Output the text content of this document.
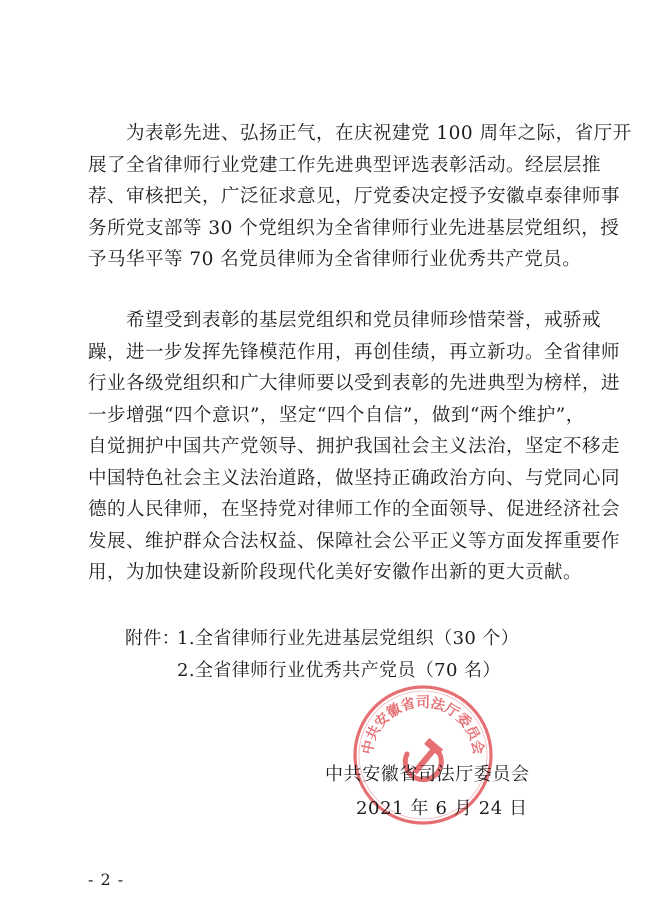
　　为表彰先进、弘扬正气，在庆祝建党 100 周年之际，省厅开
展了全省律师行业党建工作先进典型评选表彰活动。经层层推
荐、审核把关，广泛征求意见，厅党委决定授予安徽卓泰律师事
务所党支部等 30 个党组织为全省律师行业先进基层党组织，授
予马华平等 70 名党员律师为全省律师行业优秀共产党员。
　　希望受到表彰的基层党组织和党员律师珍惜荣誉，戒骄戒
躁，进一步发挥先锋模范作用，再创佳绩，再立新功。全省律师
行业各级党组织和广大律师要以受到表彰的先进典型为榜样，进
一步增强“四个意识”，坚定“四个自信”，做到“两个维护”，
自觉拥护中国共产党领导、拥护我国社会主义法治，坚定不移走
中国特色社会主义法治道路，做坚持正确政治方向、与党同心同
德的人民律师，在坚持党对律师工作的全面领导、促进经济社会
发展、维护群众合法权益、保障社会公平正义等方面发挥重要作
用，为加快建设新阶段现代化美好安徽作出新的更大贡献。
附件：
1.全省律师行业先进基层党组织（30 个）
2.全省律师行业优秀共产党员（70 名）
中共安徽省司法厅委员会
中共安徽省司法厅委员会
2021 年 6 月 24 日
- 2 -
